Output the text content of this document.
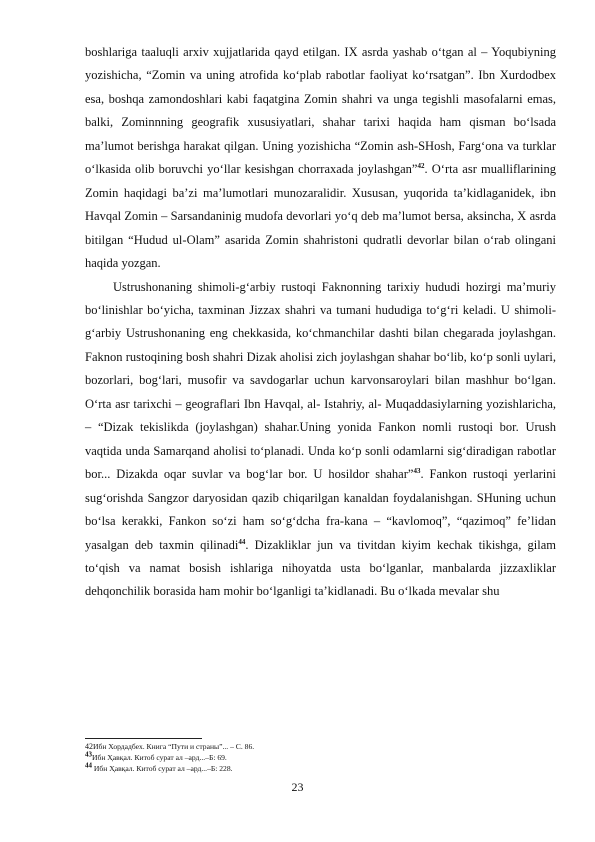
boshlariga taaluqli arxiv xujjatlarida qayd etilgan. IX asrda yashab o‘tgan al – Yoqubiyning yozishicha, “Zomin va uning atrofida ko‘plab rabotlar faoliyat ko‘rsatgan”. Ibn Xurdodbex esa, boshqa zamondoshlari kabi faqatgina Zomin shahri va unga tegishli masofalarni emas, balki, Zominnning geografik xususiyatlari, shahar tarixi haqida ham qisman bo‘lsada ma’lumot berishga harakat qilgan. Uning yozishicha “Zomin ash-SHosh, Farg‘ona va turklar o‘lkasida olib boruvchi yo‘llar kesishgan chorraxada joylashgan”$^{42}$. O‘rta asr mualliflarining Zomin haqidagi ba’zi ma’lumotlari munozaralidir. Xususan, yuqorida ta’kidlaganidek, ibn Havqal Zomin – Sarsandaninig mudofa devorlari yo‘q deb ma’lumot bersa, aksincha, X asrda bitilgan “Hudud ul-Olam” asarida Zomin shahristoni qudratli devorlar bilan o‘rab olingani haqida yozgan.

Ustrushonaning shimoli-g‘arbiy rustoqi Faknonning tarixiy hududi hozirgi ma’muriy bo‘linishlar bo‘yicha, taxminan Jizzax shahri va tumani hududiga to‘g‘ri keladi. U shimoli-g‘arbiy Ustrushonaning eng chekkasida, ko‘chmanchilar dashti bilan chegarada joylashgan. Faknon rustoqining bosh shahri Dizak aholisi zich joylashgan shahar bo‘lib, ko‘p sonli uylari, bozorlari, bog‘lari, musofir va savdogarlar uchun karvonsaroylari bilan mashhur bo‘lgan. O‘rta asr tarixchi – geograflari Ibn Havqal, al- Istahriy, al- Muqaddasiylarning yozishlaricha, – “Dizak tekislikda (joylashgan) shahar.Uning yonida Fankon nomli rustoqi bor. Urush vaqtida unda Samarqand aholisi to‘planadi. Unda ko‘p sonli odamlarni sig‘diradigan rabotlar bor... Dizakda oqar suvlar va bog‘lar bor. U hosildor shahar”$^{43}$. Fankon rustoqi yerlarini sug‘orishda Sangzor daryosidan qazib chiqarilgan kanaldan foydalanishgan. SHuning uchun bo‘lsa kerakki, Fankon so‘zi ham so‘g‘dcha fra-kana – “kavlomoq”, “qazimoq” fe’lidan yasalgan deb taxmin qilinadi$^{44}$. Dizakliklar jun va tivitdan kiyim kechak tikishga, gilam to‘qish va namat bosish ishlariga nihoyatda usta bo‘lganlar, manbalarda jizzaxliklar dehqonchilik borasida ham mohir bo‘lganligi ta’kidlanadi. Bu o‘lkada mevalar shu

42Ибн Хордадбех. Книга “Пути и страны”... – С. 86.
$^{43}$Ибн Ҳавқал. Китоб сурат ал –ард...–Б: 69.
$^{44}$ Ибн Ҳавқал. Китоб сурат ал –ард...–Б: 228.
23
